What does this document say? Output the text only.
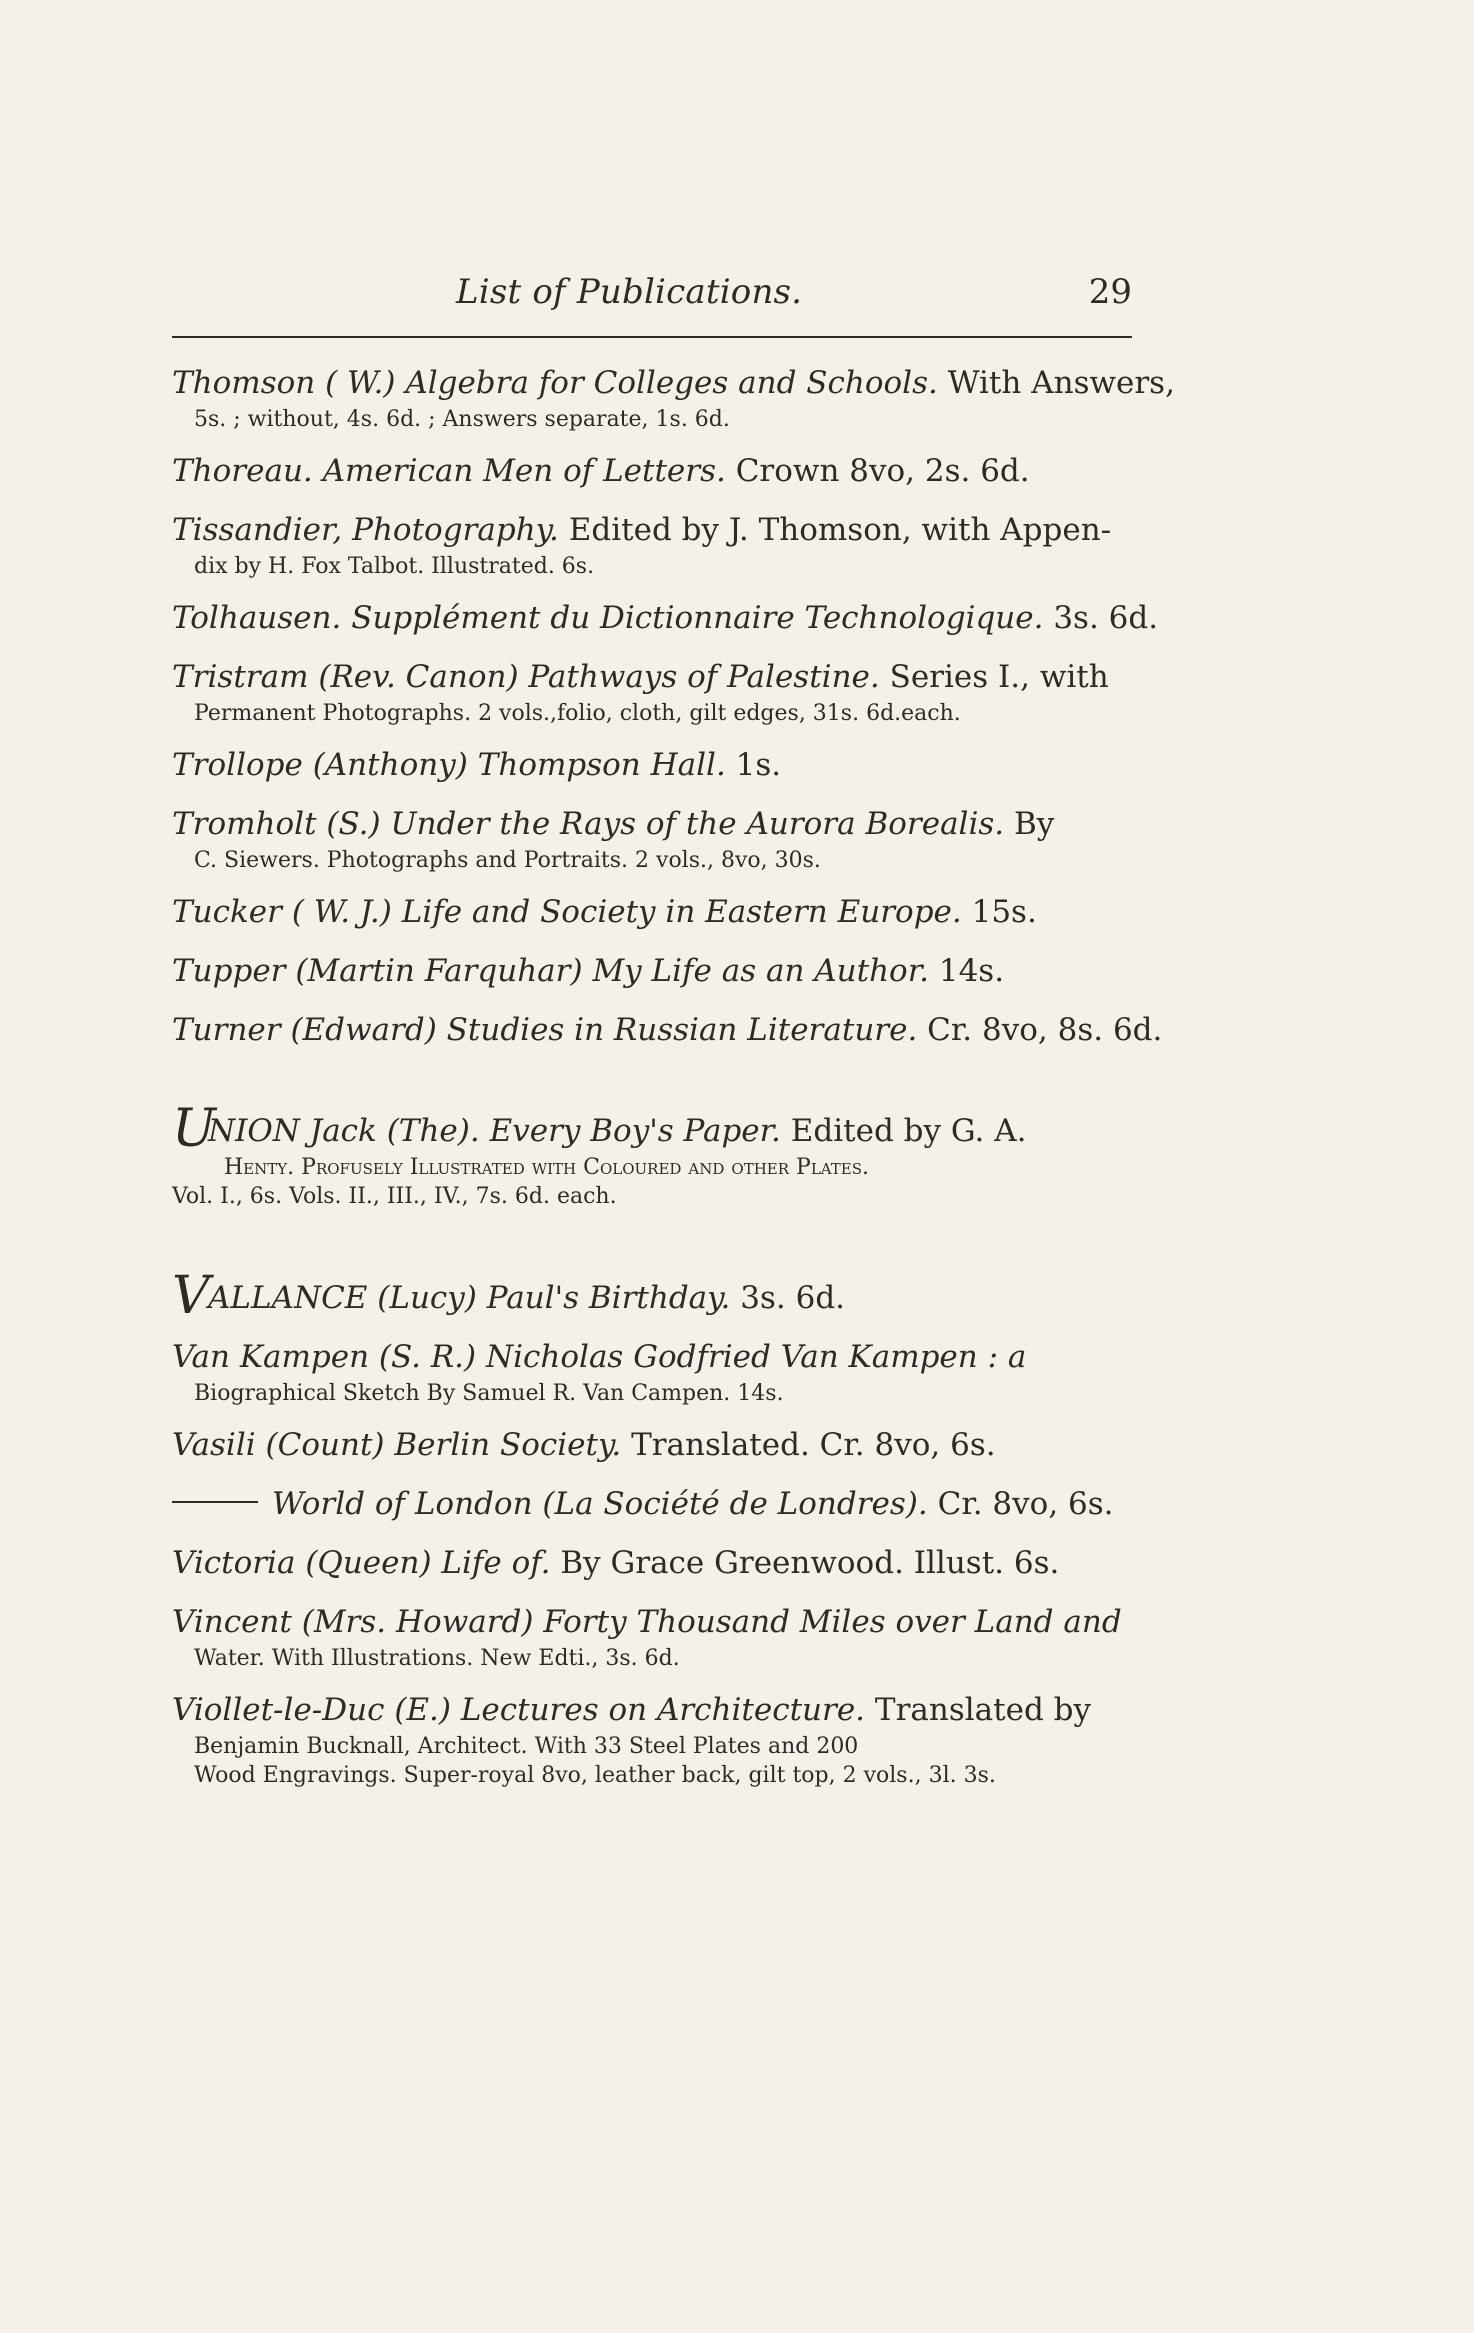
List of Publications.	29
Thomson ( W.) Algebra for Colleges and Schools. With Answers,
5s. ; without, 4s. 6d. ; Answers separate, 1s. 6d.
Thoreau. American Men of Letters. Crown 8vo, 2s. 6d.
Tissandier, Photography. Edited by J. Thomson, with Appen-
dix by H. Fox Talbot. Illustrated. 6s.
Tolhausen. Supplément du Dictionnaire Technologique. 3s. 6d.
Tristram (Rev. Canon) Pathways of Palestine. Series I., with
Permanent Photographs. 2 vols.,folio, cloth, gilt edges, 31s. 6d.each.
Trollope (Anthony) Thompson Hall. 1s.
Tromholt (S.) Under the Rays of the Aurora Borealis. By
C. Siewers. Photographs and Portraits. 2 vols., 8vo, 30s.
Tucker ( W. J.) Life and Society in Eastern Europe. 15s.
Tupper (Martin Farquhar) My Life as an Author. 14s.
Turner (Edward) Studies in Russian Literature. Cr. 8vo, 8s. 6d.
UNION Jack (The). Every Boy's Paper. Edited by G. A.
Henty. Profusely Illustrated with Coloured and other Plates.
Vol. I., 6s. Vols. II., III., IV., 7s. 6d. each.
VALLANCE (Lucy) Paul's Birthday. 3s. 6d.
Van Kampen (S. R.) Nicholas Godfried Van Kampen : a
Biographical Sketch By Samuel R. Van Campen. 14s.
Vasili (Count) Berlin Society. Translated. Cr. 8vo, 6s.
World of London (La Société de Londres). Cr. 8vo, 6s.
Victoria (Queen) Life of. By Grace Greenwood. Illust. 6s.
Vincent (Mrs. Howard) Forty Thousand Miles over Land and
Water. With Illustrations. New Edti., 3s. 6d.
Viollet-le-Duc (E.) Lectures on Architecture. Translated by
Benjamin Bucknall, Architect. With 33 Steel Plates and 200
Wood Engravings. Super-royal 8vo, leather back, gilt top, 2 vols., 3l. 3s.
